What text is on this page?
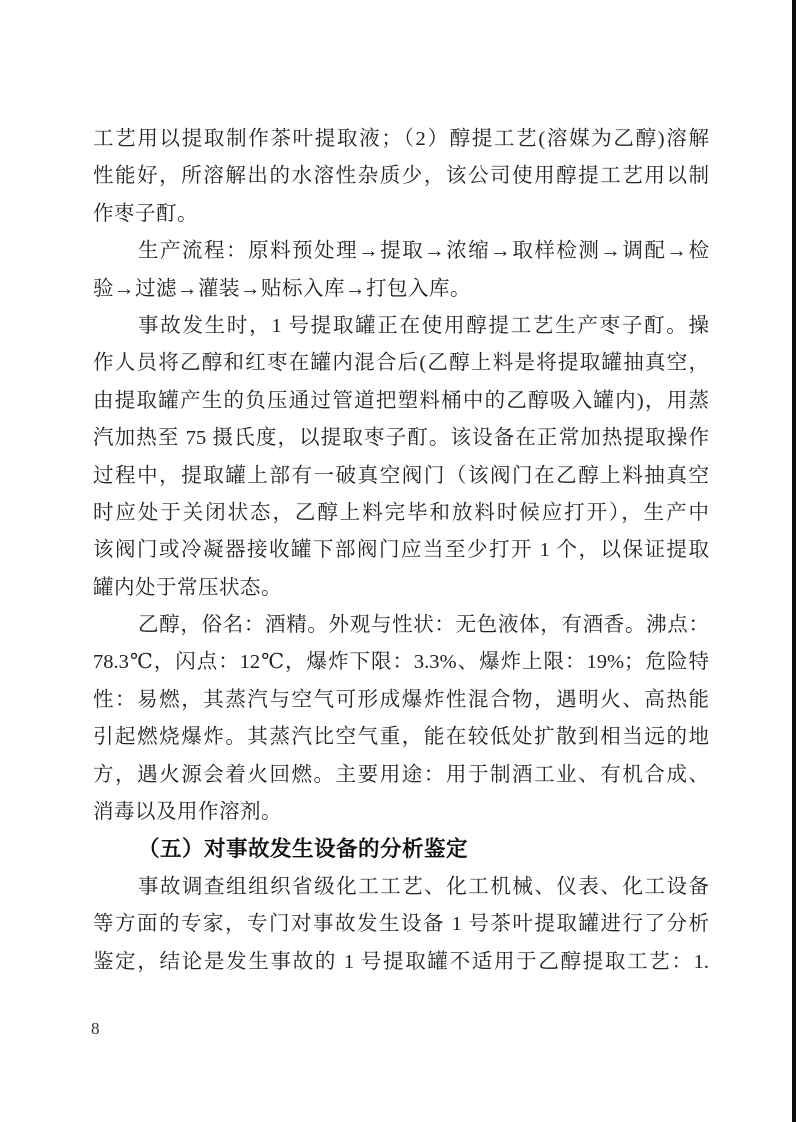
工艺用以提取制作茶叶提取液；（2）醇提工艺(溶媒为乙醇)溶解
性能好，所溶解出的水溶性杂质少，该公司使用醇提工艺用以制
作枣子酊。
生产流程：原料预处理→提取→浓缩→取样检测→调配→检
验→过滤→灌装→贴标入库→打包入库。
事故发生时，1 号提取罐正在使用醇提工艺生产枣子酊。操
作人员将乙醇和红枣在罐内混合后(乙醇上料是将提取罐抽真空，
由提取罐产生的负压通过管道把塑料桶中的乙醇吸入罐内)，用蒸
汽加热至 75 摄氏度，以提取枣子酊。该设备在正常加热提取操作
过程中，提取罐上部有一破真空阀门（该阀门在乙醇上料抽真空
时应处于关闭状态，乙醇上料完毕和放料时候应打开），生产中
该阀门或冷凝器接收罐下部阀门应当至少打开 1 个，以保证提取
罐内处于常压状态。
乙醇，俗名：酒精。外观与性状：无色液体，有酒香。沸点：
78.3℃，闪点：12℃，爆炸下限：3.3%、爆炸上限：19%；危险特
性：易燃，其蒸汽与空气可形成爆炸性混合物，遇明火、高热能
引起燃烧爆炸。其蒸汽比空气重，能在较低处扩散到相当远的地
方，遇火源会着火回燃。主要用途：用于制酒工业、有机合成、
消毒以及用作溶剂。
（五）对事故发生设备的分析鉴定
事故调查组组织省级化工工艺、化工机械、仪表、化工设备
等方面的专家，专门对事故发生设备 1 号茶叶提取罐进行了分析
鉴定，结论是发生事故的 1 号提取罐不适用于乙醇提取工艺：1.
8
